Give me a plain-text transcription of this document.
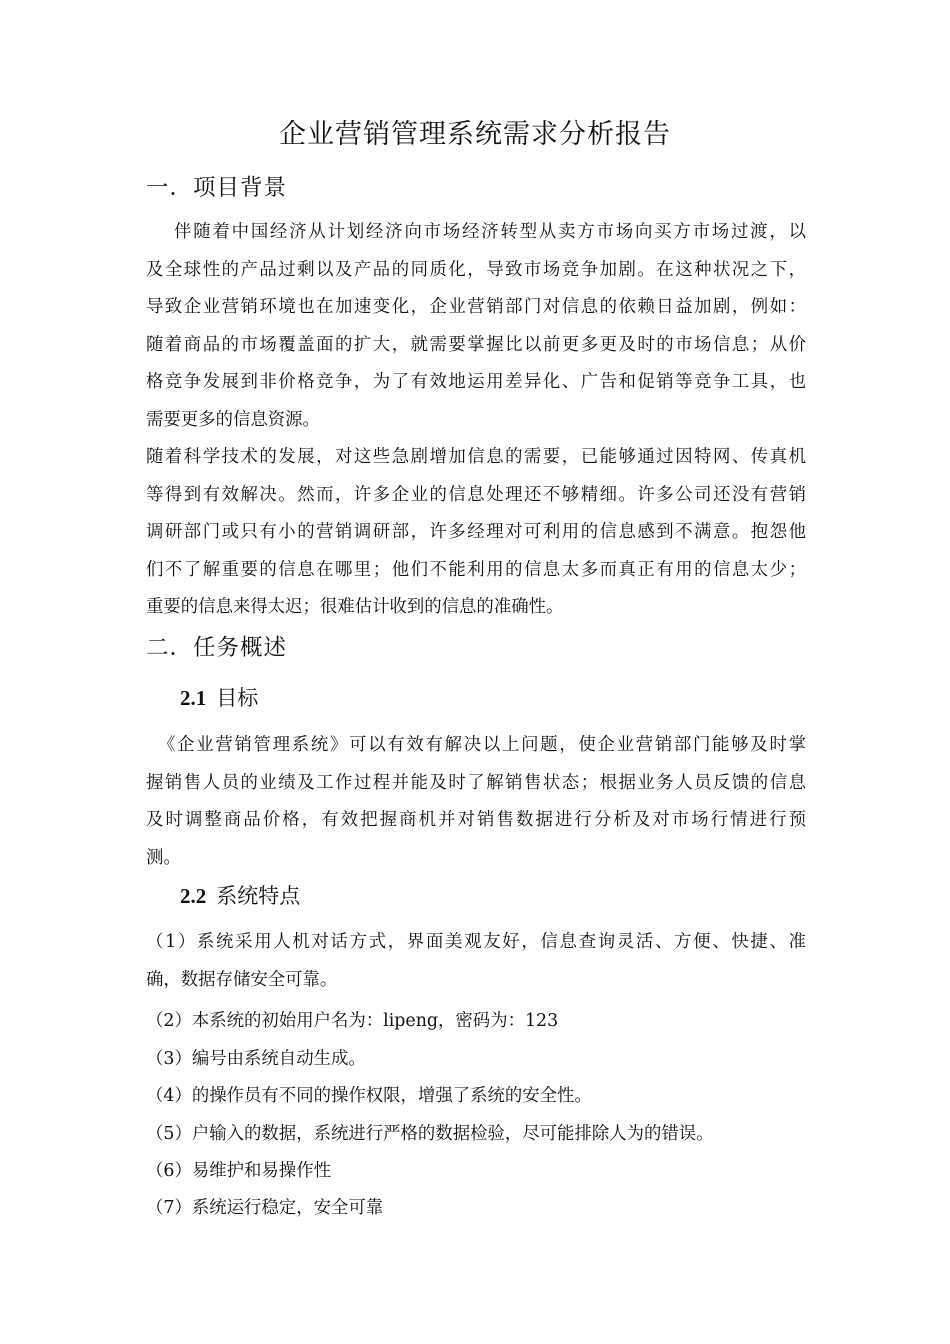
企业营销管理系统需求分析报告
一．项目背景
伴随着中国经济从计划经济向市场经济转型从卖方市场向买方市场过渡，以
及全球性的产品过剩以及产品的同质化，导致市场竞争加剧。在这种状况之下，
导致企业营销环境也在加速变化，企业营销部门对信息的依赖日益加剧，例如：
随着商品的市场覆盖面的扩大，就需要掌握比以前更多更及时的市场信息；从价
格竞争发展到非价格竞争，为了有效地运用差异化、广告和促销等竞争工具，也
需要更多的信息资源。
随着科学技术的发展，对这些急剧增加信息的需要，已能够通过因特网、传真机
等得到有效解决。然而，许多企业的信息处理还不够精细。许多公司还没有营销
调研部门或只有小的营销调研部，许多经理对可利用的信息感到不满意。抱怨他
们不了解重要的信息在哪里；他们不能利用的信息太多而真正有用的信息太少；
重要的信息来得太迟；很难估计收到的信息的准确性。
二．任务概述
2.1 目标
《企业营销管理系统》可以有效有解决以上问题，使企业营销部门能够及时掌
握销售人员的业绩及工作过程并能及时了解销售状态；根据业务人员反馈的信息
及时调整商品价格，有效把握商机并对销售数据进行分析及对市场行情进行预
测。
2.2 系统特点
（1）系统采用人机对话方式，界面美观友好，信息查询灵活、方便、快捷、准
确，数据存储安全可靠。
（2）本系统的初始用户名为：lipeng，密码为：123
（3）编号由系统自动生成。
（4）的操作员有不同的操作权限，增强了系统的安全性。
（5）户输入的数据，系统进行严格的数据检验，尽可能排除人为的错误。
（6）易维护和易操作性
（7）系统运行稳定，安全可靠
